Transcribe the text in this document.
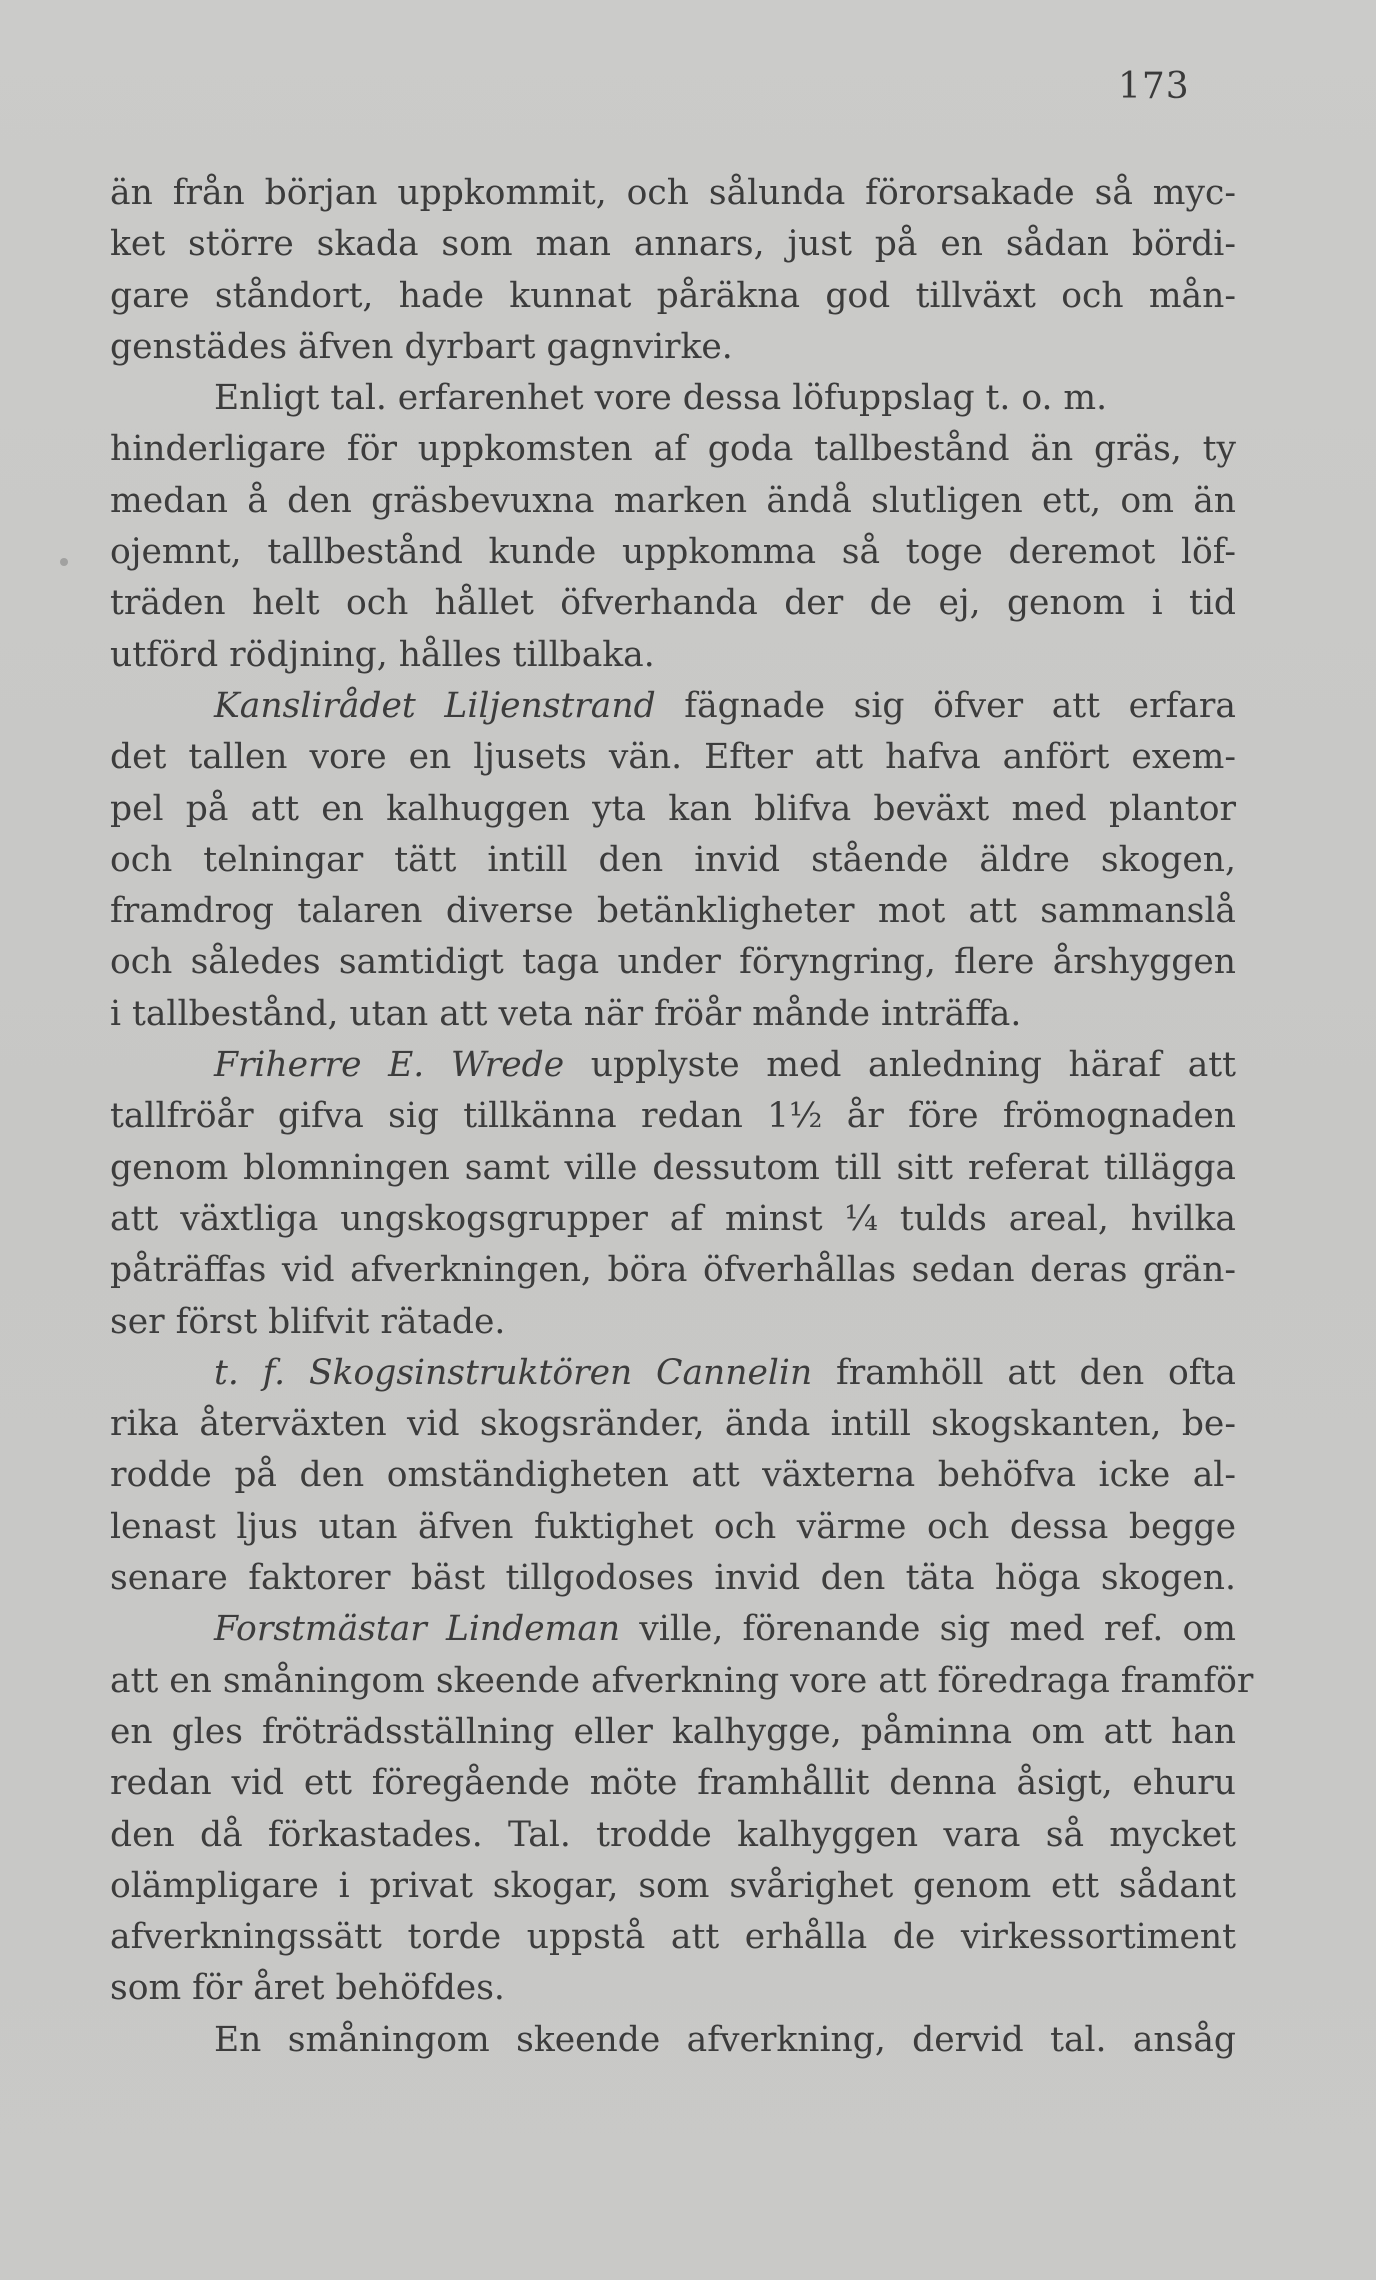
173
än från början uppkommit, och sålunda förorsakade så myc-
ket större skada som man annars, just på en sådan bördi-
gare ståndort, hade kunnat påräkna god tillväxt och mån-
genstädes äfven dyrbart gagnvirke.
Enligt tal. erfarenhet vore dessa löfuppslag t. o. m.
hinderligare för uppkomsten af goda tallbestånd än gräs, ty
medan å den gräsbevuxna marken ändå slutligen ett, om än
ojemnt, tallbestånd kunde uppkomma så toge deremot löf-
träden helt och hållet öfverhanda der de ej, genom i tid
utförd rödjning, hålles tillbaka.
Kanslirådet Liljenstrand fägnade sig öfver att erfara
det tallen vore en ljusets vän. Efter att hafva anfört exem-
pel på att en kalhuggen yta kan blifva beväxt med plantor
och telningar tätt intill den invid stående äldre skogen,
framdrog talaren diverse betänkligheter mot att sammanslå
och således samtidigt taga under föryngring, flere årshyggen
i tallbestånd, utan att veta när fröår månde inträffa.
Friherre E. Wrede upplyste med anledning häraf att
tallfröår gifva sig tillkänna redan 1½ år före frömognaden
genom blomningen samt ville dessutom till sitt referat tillägga
att växtliga ungskogsgrupper af minst ¼ tulds areal, hvilka
påträffas vid afverkningen, böra öfverhållas sedan deras grän-
ser först blifvit rätade.
t. f. Skogsinstruktören Cannelin framhöll att den ofta
rika återväxten vid skogsränder, ända intill skogskanten, be-
rodde på den omständigheten att växterna behöfva icke al-
lenast ljus utan äfven fuktighet och värme och dessa begge
senare faktorer bäst tillgodoses invid den täta höga skogen.
Forstmästar Lindeman ville, förenande sig med ref. om
att en småningom skeende afverkning vore att föredraga framför
en gles fröträdsställning eller kalhygge, påminna om att han
redan vid ett föregående möte framhållit denna åsigt, ehuru
den då förkastades. Tal. trodde kalhyggen vara så mycket
olämpligare i privat skogar, som svårighet genom ett sådant
afverkningssätt torde uppstå att erhålla de virkessortiment
som för året behöfdes.
En småningom skeende afverkning, dervid tal. ansåg
